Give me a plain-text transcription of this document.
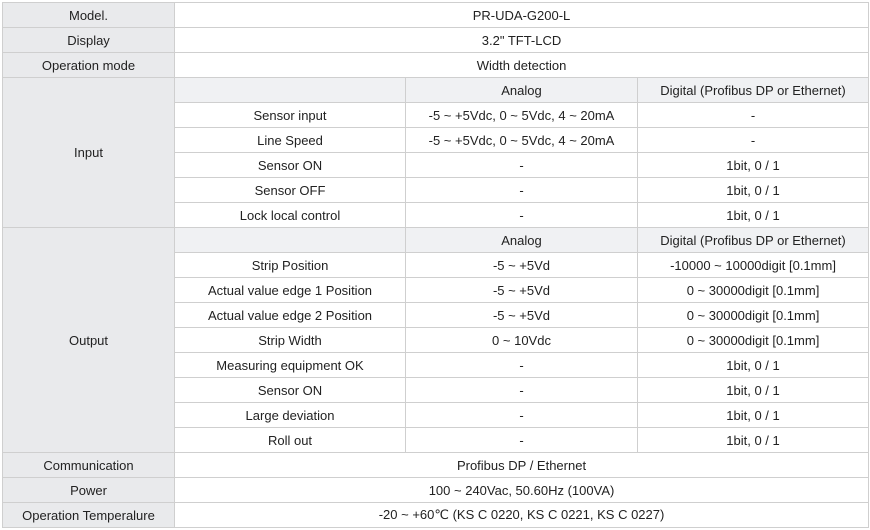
Model.	PR-UDA-G200-L		
Display	3.2" TFT-LCD		
Operation mode	Width detection		
Input		Analog	Digital (Profibus DP or Ethernet)
	Sensor input	-5 ~ +5Vdc, 0 ~ 5Vdc, 4 ~ 20mA	-
	Line Speed	-5 ~ +5Vdc, 0 ~ 5Vdc, 4 ~ 20mA	-
	Sensor ON	-	1bit, 0 / 1
	Sensor OFF	-	1bit, 0 / 1
	Lock local control	-	1bit, 0 / 1
Output		Analog	Digital (Profibus DP or Ethernet)
	Strip Position	-5 ~ +5Vd	-10000 ~ 10000digit [0.1mm]
	Actual value edge 1 Position	-5 ~ +5Vd	0 ~ 30000digit [0.1mm]
	Actual value edge 2 Position	-5 ~ +5Vd	0 ~ 30000digit [0.1mm]
	Strip Width	0 ~ 10Vdc	0 ~ 30000digit [0.1mm]
	Measuring equipment OK	-	1bit, 0 / 1
	Sensor ON	-	1bit, 0 / 1
	Large deviation	-	1bit, 0 / 1
	Roll out	-	1bit, 0 / 1
Communication	Profibus DP / Ethernet		
Power	100 ~ 240Vac, 50.60Hz (100VA)		
Operation Temperalure	-20 ~ +60℃ (KS C 0220, KS C 0221, KS C 0227)		
